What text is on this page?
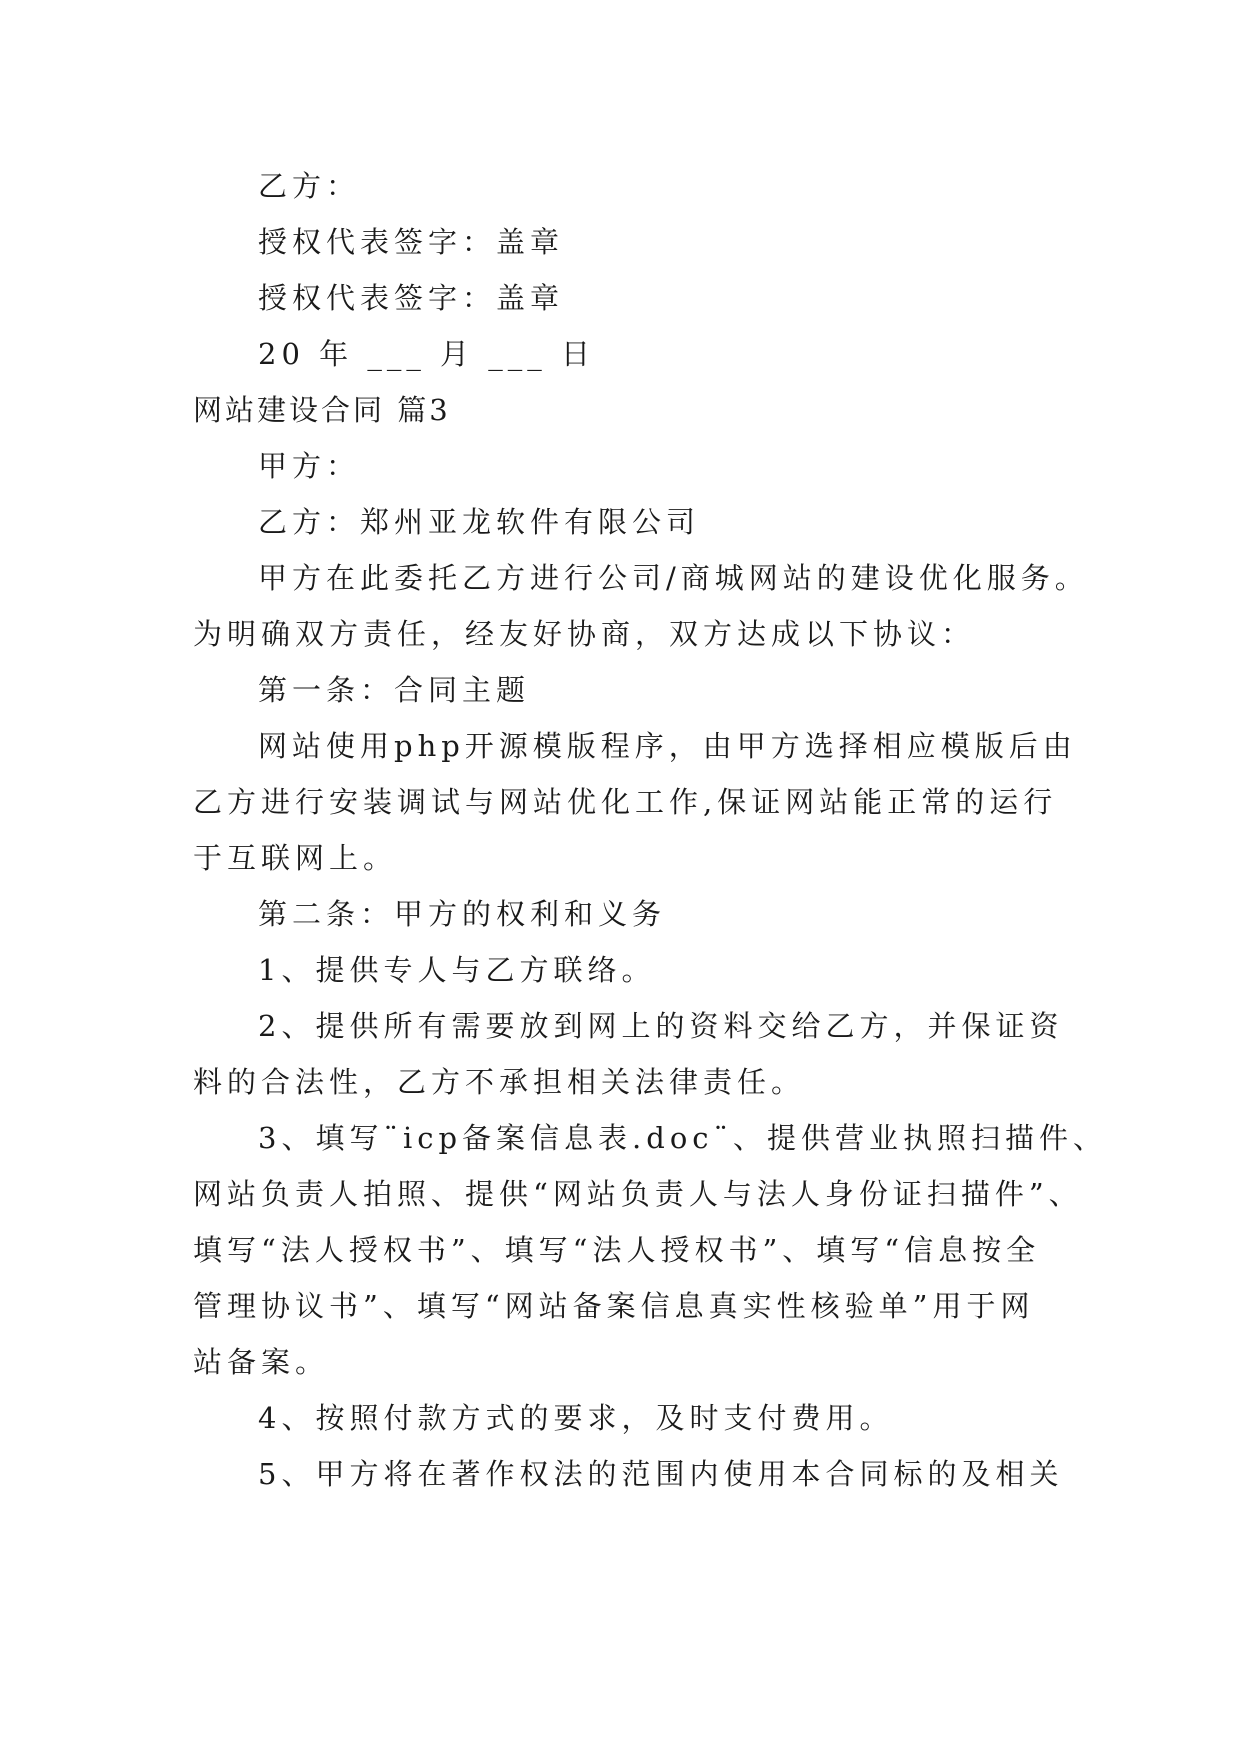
乙方：
授权代表签字：盖章
授权代表签字：盖章
20 年 ___ 月 ___ 日
网站建设合同 篇3
甲方：
乙方：郑州亚龙软件有限公司
甲方在此委托乙方进行公司/商城网站的建设优化服务。
为明确双方责任，经友好协商，双方达成以下协议：
第一条：合同主题
网站使用php开源模版程序，由甲方选择相应模版后由
乙方进行安装调试与网站优化工作,保证网站能正常的运行
于互联网上。
第二条：甲方的权利和义务
1、提供专人与乙方联络。
2、提供所有需要放到网上的资料交给乙方，并保证资
料的合法性，乙方不承担相关法律责任。
3、填写¨icp备案信息表.doc¨、提供营业执照扫描件、
网站负责人拍照、提供“网站负责人与法人身份证扫描件”、
填写“法人授权书”、填写“法人授权书”、填写“信息按全
管理协议书”、填写“网站备案信息真实性核验单”用于网
站备案。
4、按照付款方式的要求，及时支付费用。
5、甲方将在著作权法的范围内使用本合同标的及相关
